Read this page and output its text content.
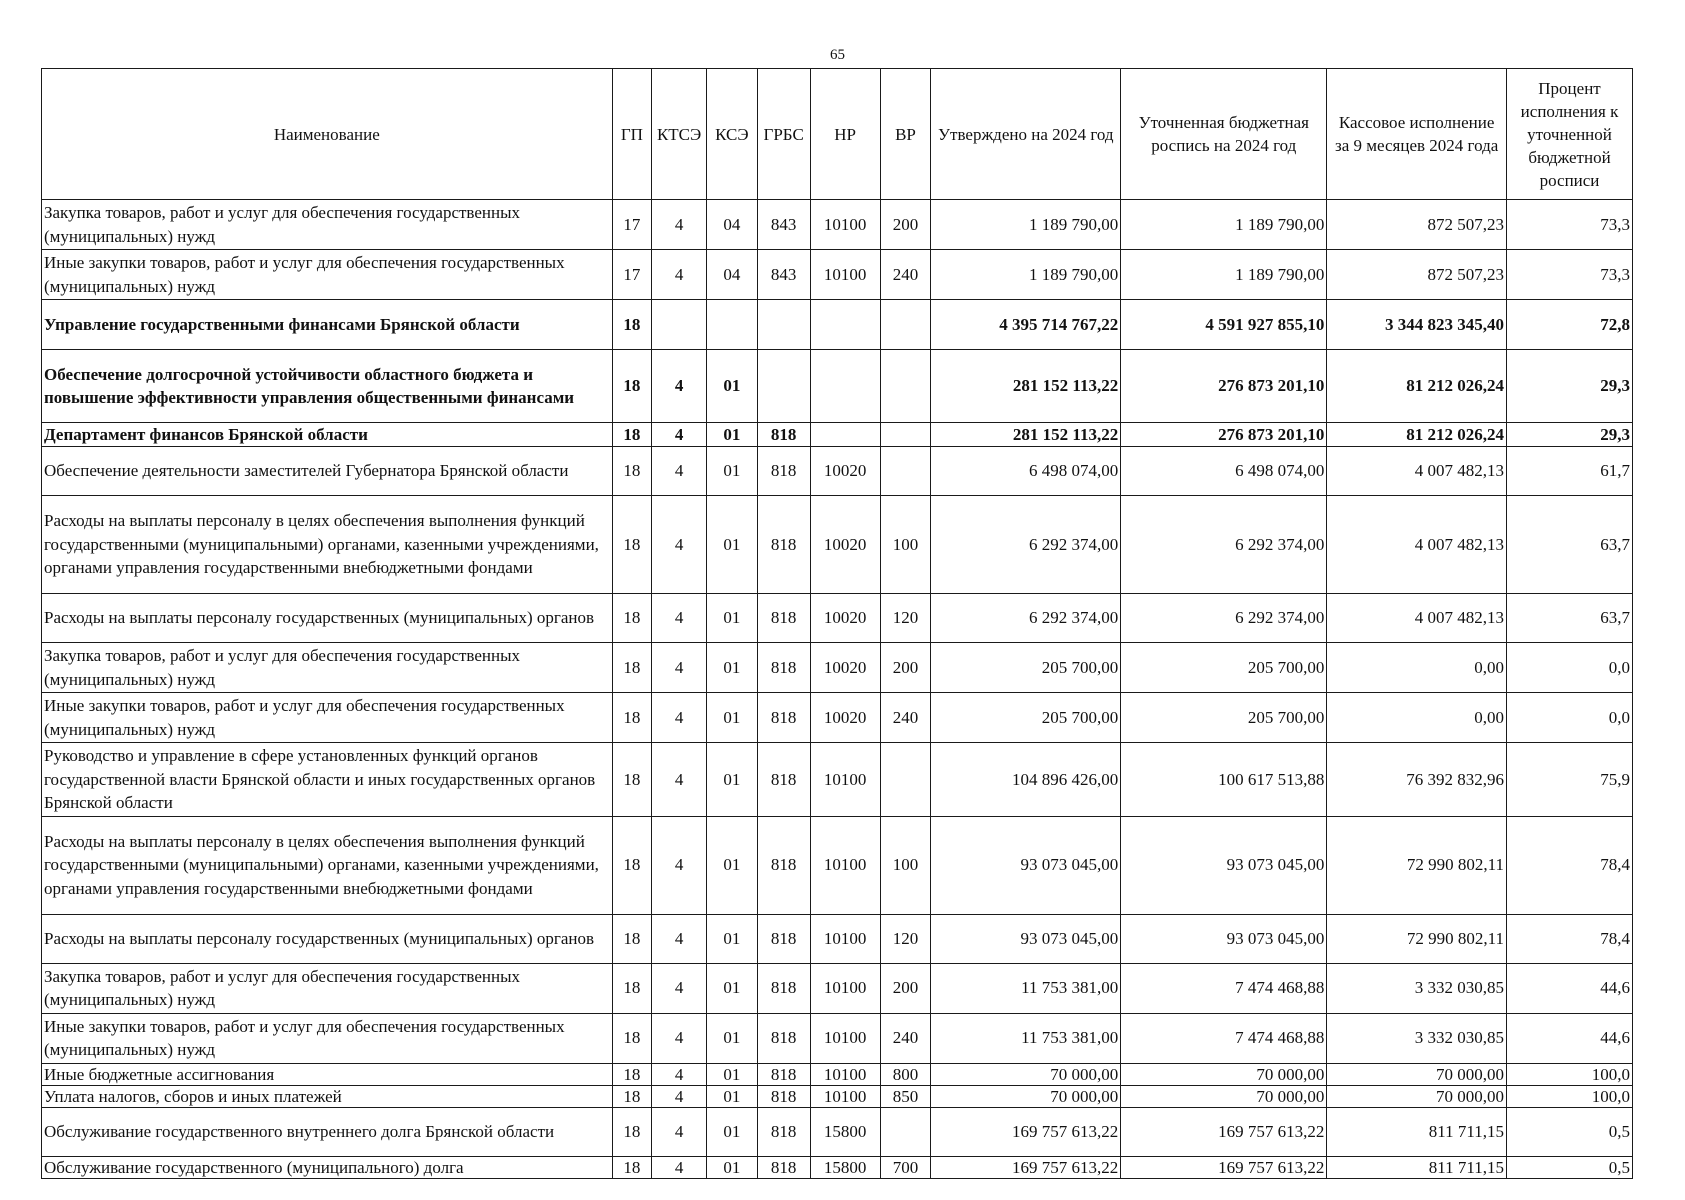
65
Наименование	ГП	КТСЭ	КСЭ	ГРБС	НР	ВР	Утверждено на 2024 год	Уточненная бюджетная роспись на 2024 год	Кассовое исполнение за 9 месяцев 2024 года	Процент исполнения к уточненной бюджетной росписи
Закупка товаров, работ и услуг для обеспечения государственных (муниципальных) нужд	17	4	04	843	10100	200	1 189 790,00	1 189 790,00	872 507,23	73,3
Иные закупки товаров, работ и услуг для обеспечения государственных (муниципальных) нужд	17	4	04	843	10100	240	1 189 790,00	1 189 790,00	872 507,23	73,3
Управление государственными финансами Брянской области	18						4 395 714 767,22	4 591 927 855,10	3 344 823 345,40	72,8
Обеспечение долгосрочной устойчивости областного бюджета и повышение эффективности управления общественными финансами	18	4	01				281 152 113,22	276 873 201,10	81 212 026,24	29,3
Департамент финансов Брянской области	18	4	01	818			281 152 113,22	276 873 201,10	81 212 026,24	29,3
Обеспечение деятельности заместителей Губернатора Брянской области	18	4	01	818	10020		6 498 074,00	6 498 074,00	4 007 482,13	61,7
Расходы на выплаты персоналу в целях обеспечения выполнения функций государственными (муниципальными) органами, казенными учреждениями, органами управления государственными внебюджетными фондами	18	4	01	818	10020	100	6 292 374,00	6 292 374,00	4 007 482,13	63,7
Расходы на выплаты персоналу государственных (муниципальных) органов	18	4	01	818	10020	120	6 292 374,00	6 292 374,00	4 007 482,13	63,7
Закупка товаров, работ и услуг для обеспечения государственных (муниципальных) нужд	18	4	01	818	10020	200	205 700,00	205 700,00	0,00	0,0
Иные закупки товаров, работ и услуг для обеспечения государственных (муниципальных) нужд	18	4	01	818	10020	240	205 700,00	205 700,00	0,00	0,0
Руководство и управление в сфере установленных функций органов государственной власти Брянской области и иных государственных органов Брянской области	18	4	01	818	10100		104 896 426,00	100 617 513,88	76 392 832,96	75,9
Расходы на выплаты персоналу в целях обеспечения выполнения функций государственными (муниципальными) органами, казенными учреждениями, органами управления государственными внебюджетными фондами	18	4	01	818	10100	100	93 073 045,00	93 073 045,00	72 990 802,11	78,4
Расходы на выплаты персоналу государственных (муниципальных) органов	18	4	01	818	10100	120	93 073 045,00	93 073 045,00	72 990 802,11	78,4
Закупка товаров, работ и услуг для обеспечения государственных (муниципальных) нужд	18	4	01	818	10100	200	11 753 381,00	7 474 468,88	3 332 030,85	44,6
Иные закупки товаров, работ и услуг для обеспечения государственных (муниципальных) нужд	18	4	01	818	10100	240	11 753 381,00	7 474 468,88	3 332 030,85	44,6
Иные бюджетные ассигнования	18	4	01	818	10100	800	70 000,00	70 000,00	70 000,00	100,0
Уплата налогов, сборов и иных платежей	18	4	01	818	10100	850	70 000,00	70 000,00	70 000,00	100,0
Обслуживание государственного внутреннего долга Брянской области	18	4	01	818	15800		169 757 613,22	169 757 613,22	811 711,15	0,5
Обслуживание государственного (муниципального) долга	18	4	01	818	15800	700	169 757 613,22	169 757 613,22	811 711,15	0,5
